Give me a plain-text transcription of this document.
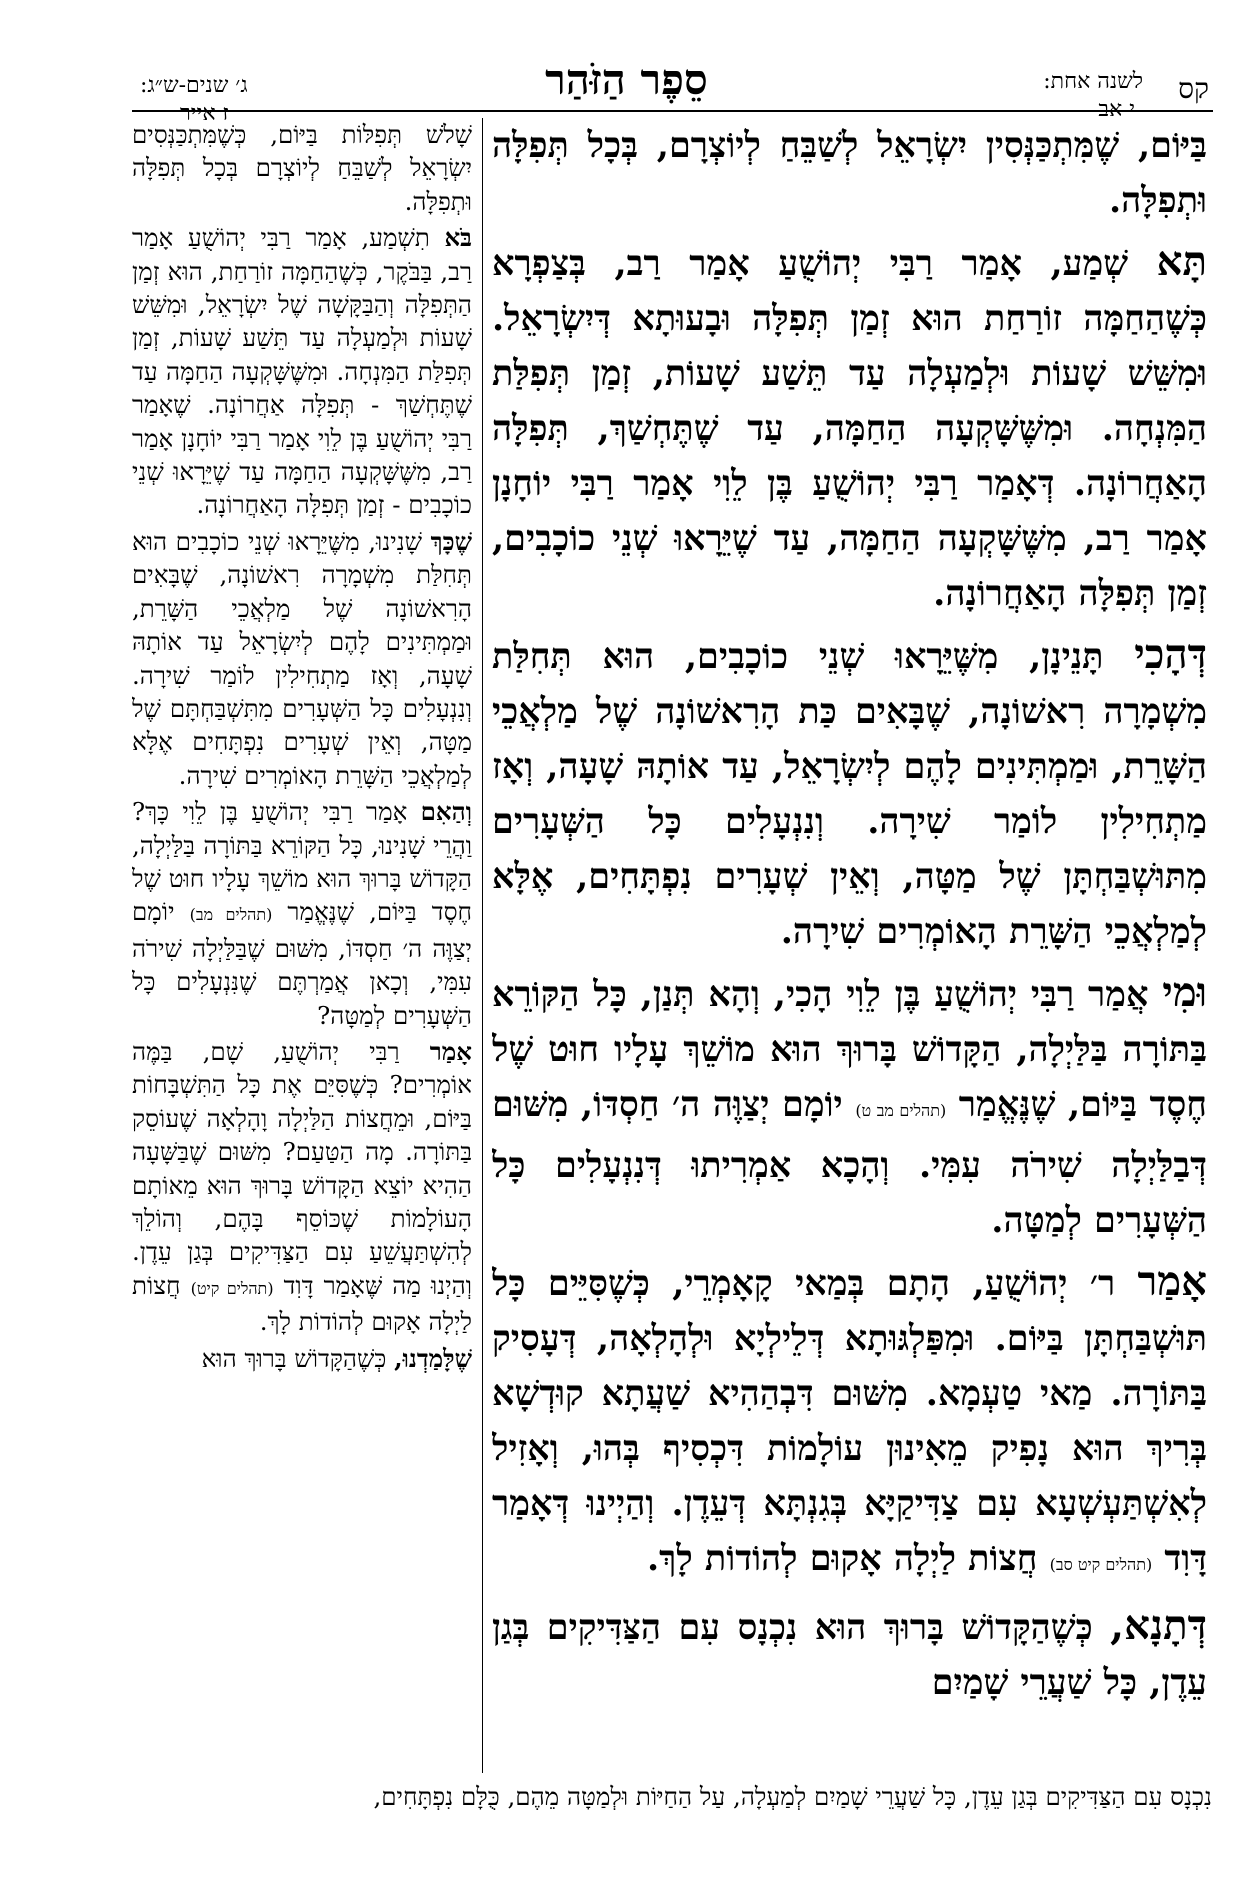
ג׳ שנים-ש״ג:
ז אייר
סֵפֶר הַזֹּהַר	לשנה אחת:
י אב
קס

בַּיּוֹם, שֶׁמִּתְכַּנְּסִין יִשְׂרָאֵל לְשַׁבֵּחַ לְיוֹצְרָם, בְּכָל תְּפִלָּה וּתְפִלָּה.

תָּא שְׁמַע, אָמַר רַבִּי יְהוֹשֻׁעַ אָמַר רַב, בְּצַפְרָא כְּשֶׁהַחַמָּה זוֹרַחַת הוּא זְמַן תְּפִלָּה וּבָעוּתָא דְּיִשְׂרָאֵל. וּמִשֵּׁשׁ שָׁעוֹת וּלְמַעְלָה עַד תֵּשַׁע שָׁעוֹת, זְמַן תְּפִלַּת הַמִּנְחָה. וּמִשֶּׁשָּׁקְעָה הַחַמָּה, עַד שֶׁתֶּחְשַׁךְ, תְּפִלָּה הָאַחֲרוֹנָה. דְּאָמַר רַבִּי יְהוֹשֻׁעַ בֶּן לֵוִי אָמַר רַבִּי יוֹחָנָן אָמַר רַב, מִשֶּׁשָּׁקְעָה הַחַמָּה, עַד שֶׁיֵּרָאוּ שְׁנֵי כוֹכָבִים, זְמַן תְּפִלָּה הָאַחֲרוֹנָה.

דְּהָכִי תָּנֵינָן, מִשֶּׁיֵּרָאוּ שְׁנֵי כוֹכָבִים, הוּא תְּחִלַּת מִשְׁמָרָה רִאשׁוֹנָה, שֶׁבָּאִים כַּת הָרִאשׁוֹנָה שֶׁל מַלְאֲכֵי הַשָּׁרֵת, וּמַמְתִּינִים לָהֶם לְיִשְׂרָאֵל, עַד אוֹתָהּ שָׁעָה, וְאָז מַתְחִילִין לוֹמַר שִׁירָה. וְנִנְעָלִים כָּל הַשְּׁעָרִים מִתּוּשְׁבַּחְתָּן שֶׁל מַטָּה, וְאֵין שְׁעָרִים נִפְתָּחִים, אֶלָּא לְמַלְאֲכֵי הַשָּׁרֵת הָאוֹמְרִים שִׁירָה.

וּמִי אֲמַר רַבִּי יְהוֹשֻׁעַ בֶּן לֵוִי הָכִי, וְהָא תְּנַן, כָּל הַקּוֹרֵא בַּתּוֹרָה בַּלַּיְלָה, הַקָּדוֹשׁ בָּרוּךְ הוּא מוֹשֵׁךְ עָלָיו חוּט שֶׁל חֶסֶד בַּיּוֹם, שֶׁנֶּאֱמַר (תהלים מב ט) יוֹמָם יְצַוֶּה ה׳ חַסְדּוֹ, מִשּׁוּם דְּבַלַּיְלָה שִׁירֹה עִמִּי. וְהָכָא אַמְרִיתוּ דְּנִנְעָלִים כָּל הַשְּׁעָרִים לְמַטָּה.

אָמַר ר׳ יְהוֹשֻׁעַ, הָתָם בְּמַאי קָאָמְרֵי, כְּשֶׁסִּיֵּים כָּל תּוּשְׁבַּחְתָּן בַּיּוֹם. וּמִפַּלְגּוּתָא דְּלֵילְיָא וּלְהָלְאָה, דְּעָסִיק בַּתּוֹרָה. מַאי טַעְמָא. מִשּׁוּם דִּבְהַהִיא שַׁעֲתָא קוּדְשָׁא בְּרִיךְ הוּא נָפִיק מֵאִינוּן עוֹלָמוֹת דִּכְסִיף בְּהוּ, וְאָזִיל לְאִשְׁתַּעְשְׁעָא עִם צַדִּיקַיָּא בְּגִנְתָּא דְּעֵדֶן. וְהַיְינוּ דְּאָמַר דָּוִד (תהלים קיט סב) חֲצוֹת לַיְלָה אָקוּם לְהוֹדוֹת לָךְ.

דְּתָנָא, כְּשֶׁהַקָּדוֹשׁ בָּרוּךְ הוּא נִכְנָס עִם הַצַּדִּיקִים בְּגַן עֵדֶן, כָּל שַׁעֲרֵי שָׁמַיִם

שָׁלֹשׁ תְּפִלּוֹת בַּיּוֹם, כְּשֶׁמִּתְכַּנְּסִים יִשְׂרָאֵל לְשַׁבֵּחַ לְיוֹצְרָם בְּכָל תְּפִלָּה וּתְפִלָּה.

בֹּא תִשְׁמַע, אָמַר רַבִּי יְהוֹשֻׁעַ אָמַר רַב, בַּבֹּקֶר, כְּשֶׁהַחַמָּה זוֹרַחַת, הוּא זְמַן הַתְּפִלָּה וְהַבַּקָּשָׁה שֶׁל יִשְׂרָאֵל, וּמִשֵּׁשׁ שָׁעוֹת וּלְמַעְלָה עַד תֵּשַׁע שָׁעוֹת, זְמַן תְּפִלַּת הַמִּנְחָה. וּמִשֶּׁשָּׁקְעָה הַחַמָּה עַד שֶׁתֶּחְשַׁךְ - תְּפִלָּה אַחֲרוֹנָה. שֶׁאָמַר רַבִּי יְהוֹשֻׁעַ בֶּן לֵוִי אָמַר רַבִּי יוֹחָנָן אָמַר רַב, מִשֶּׁשָּׁקְעָה הַחַמָּה עַד שֶׁיֵּרָאוּ שְׁנֵי כוֹכָבִים - זְמַן תְּפִלָּה הָאַחֲרוֹנָה.

שֶׁכָּךְ שָׁנִינוּ, מִשֶּׁיֵּרָאוּ שְׁנֵי כוֹכָבִים הוּא תְּחִלַּת מִשְׁמָרָה רִאשׁוֹנָה, שֶׁבָּאִים הָרִאשׁוֹנָה שֶׁל מַלְאֲכֵי הַשָּׁרֵת, וּמַמְתִּינִים לָהֶם לְיִשְׂרָאֵל עַד אוֹתָהּ שָׁעָה, וְאָז מַתְחִילִין לוֹמַר שִׁירָה. וְנִנְעָלִים כָּל הַשְּׁעָרִים מִתִּשְׁבַּחְתָּם שֶׁל מַטָּה, וְאֵין שְׁעָרִים נִפְתָּחִים אֶלָּא לְמַלְאֲכֵי הַשָּׁרֵת הָאוֹמְרִים שִׁירָה.

וְהַאִם אָמַר רַבִּי יְהוֹשֻׁעַ בֶּן לֵוִי כָּךְ? וַהֲרֵי שָׁנִינוּ, כָּל הַקּוֹרֵא בַּתּוֹרָה בַּלַּיְלָה, הַקָּדוֹשׁ בָּרוּךְ הוּא מוֹשֵׁךְ עָלָיו חוּט שֶׁל חֶסֶד בַּיּוֹם, שֶׁנֶּאֱמַר (תהלים מב) יוֹמָם יְצַוֶּה ה׳ חַסְדּוֹ, מִשּׁוּם שֶׁבַּלַּיְלָה שִׁירֹה עִמִּי, וְכָאן אֲמַרְתֶּם שֶׁנִּנְעָלִים כָּל הַשְּׁעָרִים לְמַטָּה?

אָמַר רַבִּי יְהוֹשֻׁעַ, שָׁם, בַּמֶּה אוֹמְרִים? כְּשֶׁסִּיֵּם אֶת כָּל הַתִּשְׁבָּחוֹת בַּיּוֹם, וּמֵחֲצוֹת הַלַּיְלָה וָהָלְאָה שֶׁעוֹסֵק בַּתּוֹרָה. מָה הַטַּעַם? מִשּׁוּם שֶׁבַּשָּׁעָה הַהִיא יוֹצֵא הַקָּדוֹשׁ בָּרוּךְ הוּא מֵאוֹתָם הָעוֹלָמוֹת שֶׁכּוֹסֵף בָּהֶם, וְהוֹלֵךְ לְהִשְׁתַּעֲשֵׁעַ עִם הַצַּדִּיקִים בְּגַן עֵדֶן. וְהַיְנוּ מַה שֶּׁאָמַר דָּוִד (תהלים קיט) חֲצוֹת לַיְלָה אָקוּם לְהוֹדוֹת לָךְ.

שֶׁלָּמַדְנוּ, כְּשֶׁהַקָּדוֹשׁ בָּרוּךְ הוּא

נִכְנָס עִם הַצַּדִּיקִים בְּגַן עֵדֶן, כָּל שַׁעֲרֵי שָׁמַיִם לְמַעְלָה, עַל הַחַיּוֹת וּלְמַטָּה מֵהֶם, כֻּלָּם נִפְתָּחִים,
